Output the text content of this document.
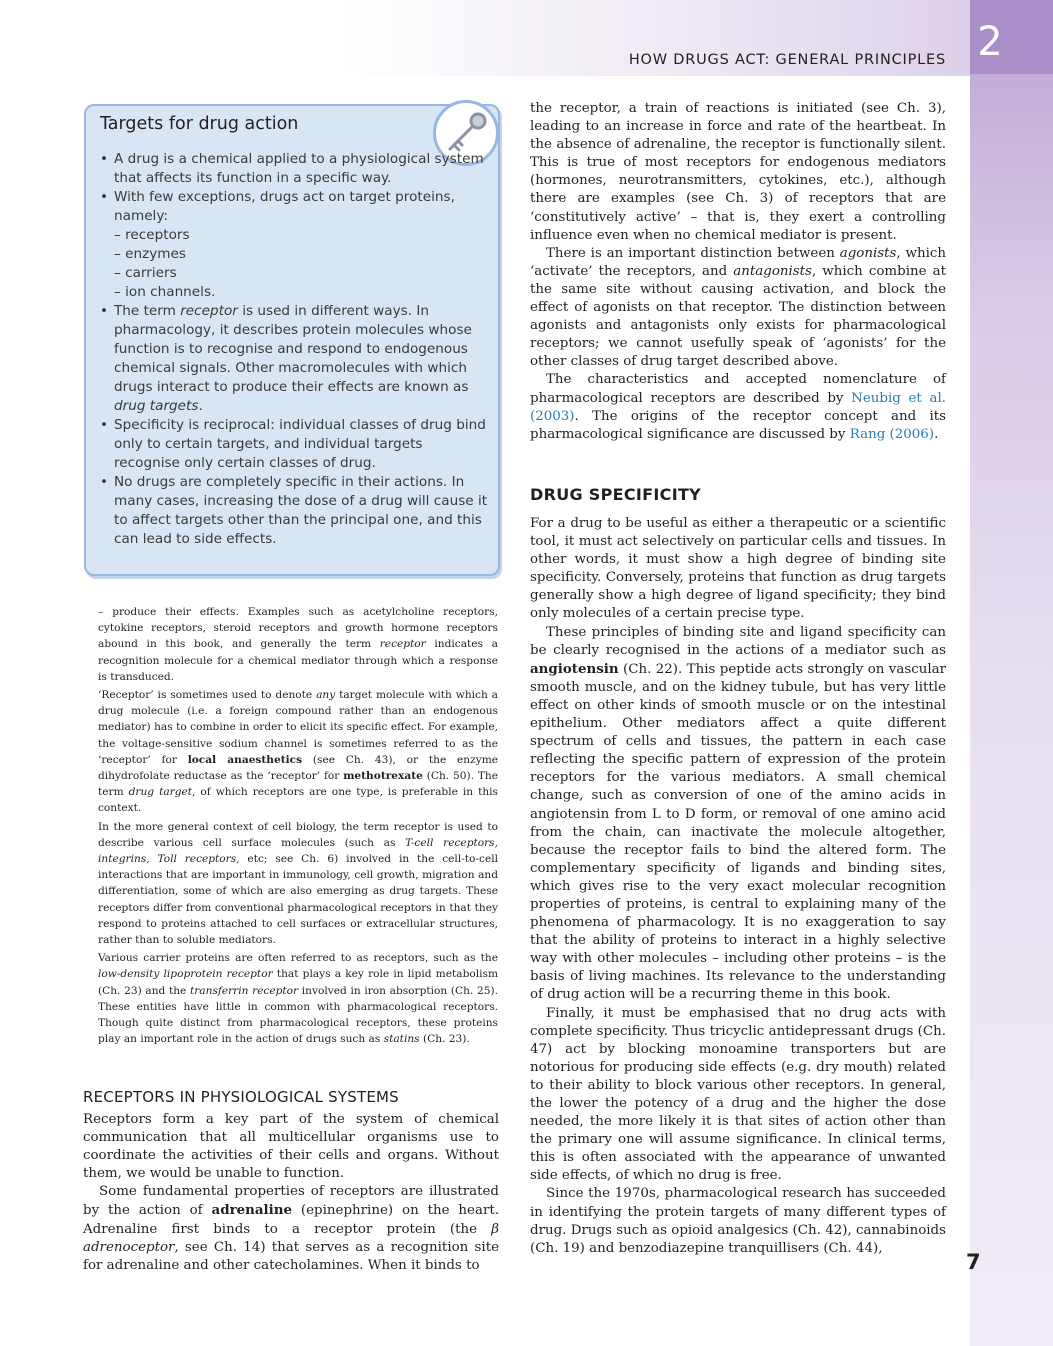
2
HOW DRUGS ACT: GENERAL PRINCIPLES
Targets for drug action
• A drug is a chemical applied to a physiological system that affects its function in a specific way.
• With few exceptions, drugs act on target proteins, namely:
– receptors
– enzymes
– carriers
– ion channels.
• The term receptor is used in different ways. In pharmacology, it describes protein molecules whose function is to recognise and respond to endogenous chemical signals. Other macromolecules with which drugs interact to produce their effects are known as drug targets.
• Specificity is reciprocal: individual classes of drug bind only to certain targets, and individual targets recognise only certain classes of drug.
• No drugs are completely specific in their actions. In many cases, increasing the dose of a drug will cause it to affect targets other than the principal one, and this can lead to side effects.

– produce their effects. Examples such as acetylcholine receptors, cytokine receptors, steroid receptors and growth hormone receptors abound in this book, and generally the term receptor indicates a recognition molecule for a chemical mediator through which a response is transduced.

‘Receptor’ is sometimes used to denote any target molecule with which a drug molecule (i.e. a foreign compound rather than an endogenous mediator) has to combine in order to elicit its specific effect. For example, the voltage-sensitive sodium channel is sometimes referred to as the ‘receptor’ for local anaesthetics (see Ch. 43), or the enzyme dihydrofolate reductase as the ‘receptor’ for methotrexate (Ch. 50). The term drug target, of which receptors are one type, is preferable in this context.

In the more general context of cell biology, the term receptor is used to describe various cell surface molecules (such as T-cell receptors, integrins, Toll receptors, etc; see Ch. 6) involved in the cell-to-cell interactions that are important in immunology, cell growth, migration and differentiation, some of which are also emerging as drug targets. These receptors differ from conventional pharmacological receptors in that they respond to proteins attached to cell surfaces or extracellular structures, rather than to soluble mediators.

Various carrier proteins are often referred to as receptors, such as the low-density lipoprotein receptor that plays a key role in lipid metabolism (Ch. 23) and the transferrin receptor involved in iron absorption (Ch. 25). These entities have little in common with pharmacological receptors. Though quite distinct from pharmacological receptors, these proteins play an important role in the action of drugs such as statins (Ch. 23).

RECEPTORS IN PHYSIOLOGICAL SYSTEMS

Receptors form a key part of the system of chemical communication that all multicellular organisms use to coordinate the activities of their cells and organs. Without them, we would be unable to function.

Some fundamental properties of receptors are illustrated by the action of adrenaline (epinephrine) on the heart. Adrenaline first binds to a receptor protein (the β adrenoceptor, see Ch. 14) that serves as a recognition site for adrenaline and other catecholamines. When it binds to

the receptor, a train of reactions is initiated (see Ch. 3), leading to an increase in force and rate of the heartbeat. In the absence of adrenaline, the receptor is functionally silent. This is true of most receptors for endogenous mediators (hormones, neurotransmitters, cytokines, etc.), although there are examples (see Ch. 3) of receptors that are ‘constitutively active’ – that is, they exert a controlling influence even when no chemical mediator is present.

There is an important distinction between agonists, which ‘activate’ the receptors, and antagonists, which combine at the same site without causing activation, and block the effect of agonists on that receptor. The distinction between agonists and antagonists only exists for pharmacological receptors; we cannot usefully speak of ‘agonists’ for the other classes of drug target described above.

The characteristics and accepted nomenclature of pharmacological receptors are described by Neubig et al. (2003). The origins of the receptor concept and its pharmacological significance are discussed by Rang (2006).

DRUG SPECIFICITY

For a drug to be useful as either a therapeutic or a scientific tool, it must act selectively on particular cells and tissues. In other words, it must show a high degree of binding site specificity. Conversely, proteins that function as drug targets generally show a high degree of ligand specificity; they bind only molecules of a certain precise type.

These principles of binding site and ligand specificity can be clearly recognised in the actions of a mediator such as angiotensin (Ch. 22). This peptide acts strongly on vascular smooth muscle, and on the kidney tubule, but has very little effect on other kinds of smooth muscle or on the intestinal epithelium. Other mediators affect a quite different spectrum of cells and tissues, the pattern in each case reflecting the specific pattern of expression of the protein receptors for the various mediators. A small chemical change, such as conversion of one of the amino acids in angiotensin from L to D form, or removal of one amino acid from the chain, can inactivate the molecule altogether, because the receptor fails to bind the altered form. The complementary specificity of ligands and binding sites, which gives rise to the very exact molecular recognition properties of proteins, is central to explaining many of the phenomena of pharmacology. It is no exaggeration to say that the ability of proteins to interact in a highly selective way with other molecules – including other proteins – is the basis of living machines. Its relevance to the understanding of drug action will be a recurring theme in this book.

Finally, it must be emphasised that no drug acts with complete specificity. Thus tricyclic antidepressant drugs (Ch. 47) act by blocking monoamine transporters but are notorious for producing side effects (e.g. dry mouth) related to their ability to block various other receptors. In general, the lower the potency of a drug and the higher the dose needed, the more likely it is that sites of action other than the primary one will assume significance. In clinical terms, this is often associated with the appearance of unwanted side effects, of which no drug is free.

Since the 1970s, pharmacological research has succeeded in identifying the protein targets of many different types of drug. Drugs such as opioid analgesics (Ch. 42), cannabinoids (Ch. 19) and benzodiazepine tranquillisers (Ch. 44),

7
